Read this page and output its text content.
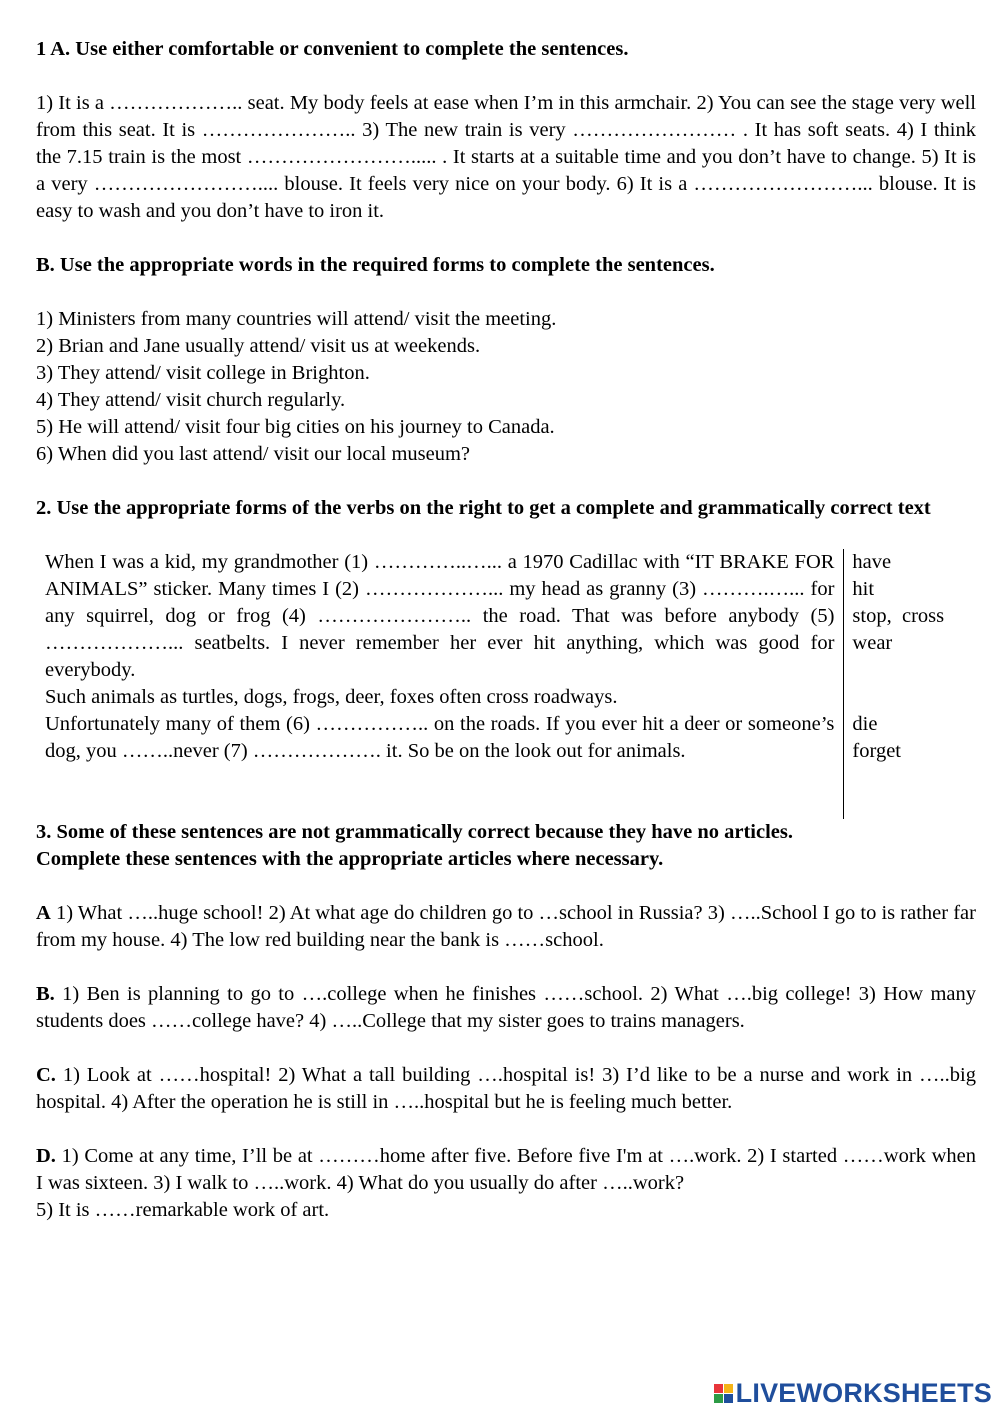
1 A. Use either comfortable or convenient to complete the sentences.

1) It is a ……………….. seat. My body feels at ease when I’m in this armchair. 2) You can see the stage very well from this seat. It is ………………….. 3) The new train is very …………………… . It has soft seats. 4) I think the 7.15 train is the most ……………………..... . It starts at a suitable time and you don’t have to change. 5) It is a very …………………….... blouse. It feels very nice on your body. 6) It is a ……………………... blouse. It is easy to wash and you don’t have to iron it.

B. Use the appropriate words in the required forms to complete the sentences.

1) Ministers from many countries will attend/ visit the meeting.

2) Brian and Jane usually attend/ visit us at weekends.

3) They attend/ visit college in Brighton.

4) They attend/ visit church regularly.

5) He will attend/ visit four big cities on his journey to Canada.

6) When did you last attend/ visit our local museum?

2. Use the appropriate forms of the verbs on the right to get a complete and grammatically correct text

When I was a kid, my grandmother (1) …………..…... a 1970 Cadillac with “IT BRAKE FOR ANIMALS” sticker. Many times I (2) ………………... my head as granny (3) ……….…... for any squirrel, dog or frog (4) ………………….. the road. That was before anybody (5) ………………... seatbelts. I never remember her ever hit anything, which was good for everybody.

Such animals as turtles, dogs, frogs, deer, foxes often cross roadways.

Unfortunately many of them (6) …………….. on the roads. If you ever hit a deer or someone’s dog, you ……..never (7) ………………. it. So be on the look out for animals.

have
hit
stop,  cross
wear
die
forget

3. Some of these sentences are not grammatically correct because they have no articles.

Complete these sentences with the appropriate articles where necessary.

A 1) What …..huge school! 2) At what age do children go to …school in Russia? 3) …..School I go to is rather far from my house. 4) The low red building near the bank is ……school.

B. 1) Ben is planning to go to ….college when he finishes ……school. 2) What ….big college! 3) How many students does ……college have? 4) …..College that my sister goes to trains managers.

C. 1) Look at ……hospital! 2) What a tall building ….hospital is! 3) I’d like to be a nurse and work in …..big hospital. 4) After the operation he is still in …..hospital but he is feeling much better.

D. 1) Come at any time, I’ll be at ………home after five. Before five I'm at ….work. 2) I started ……work when I was sixteen. 3) I walk to …..work. 4) What do you usually do after …..work?

5) It is ……remarkable work of art.

LIVEWORKSHEETS
